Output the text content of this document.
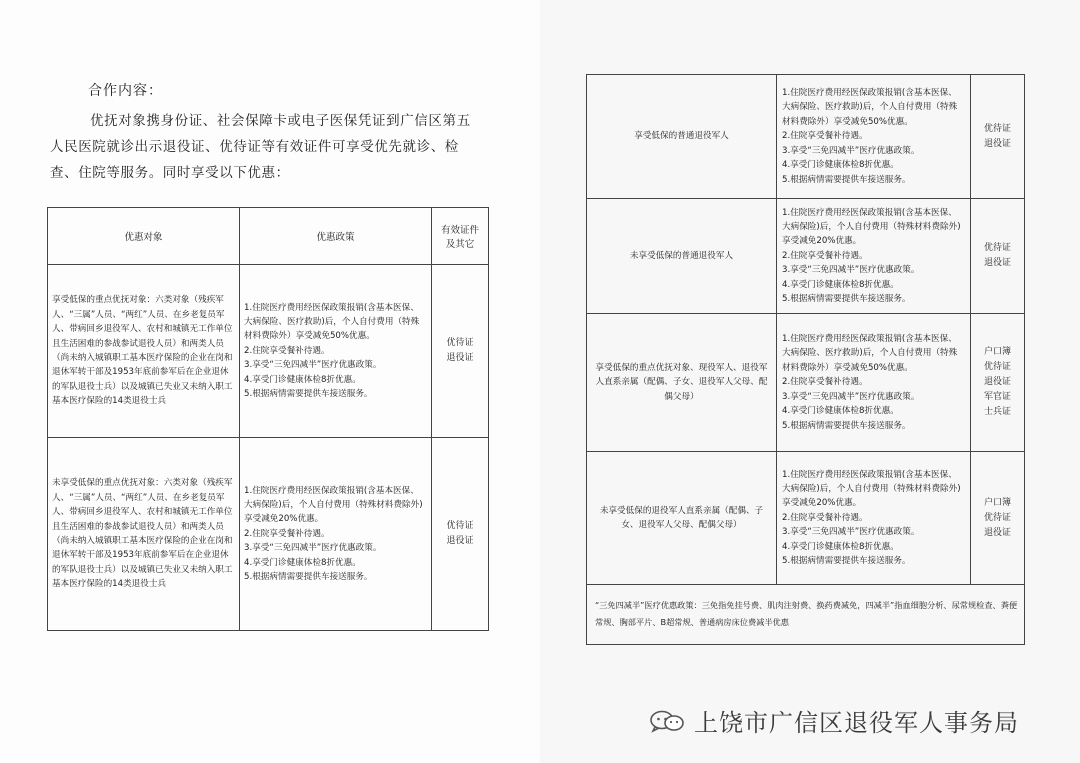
合作内容：
优抚对象携身份证、社会保障卡或电子医保凭证到广信区第五人民医院就诊出示退役证、优待证等有效证件可享受优先就诊、检查、住院等服务。同时享受以下优惠：
优惠对象	优惠政策	有效证件
及其它
享受低保的重点优抚对象：六类对象（残疾军人、“三属”人员、“两红”人员、在乡老复员军人、带病回乡退役军人、农村和城镇无工作单位且生活困难的参战参试退役人员）和两类人员（尚未纳入城镇职工基本医疗保险的企业在岗和退休军转干部及1953年底前参军后在企业退休的军队退役士兵）以及城镇已失业又未纳入职工基本医疗保险的14类退役士兵	1.住院医疗费用经医保政策报销(含基本医保、大病保险、医疗救助)后，个人自付费用（特殊材料费除外）享受减免50%优惠。
2.住院享受餐补待遇。
3.享受“三免四减半”医疗优惠政策。
4.享受门诊健康体检8折优惠。
5.根据病情需要提供车接送服务。	优待证
退役证
未享受低保的重点优抚对象：六类对象（残疾军人、“三属”人员、“两红”人员、在乡老复员军人、带病回乡退役军人、农村和城镇无工作单位且生活困难的参战参试退役人员）和两类人员（尚未纳入城镇职工基本医疗保险的企业在岗和退休军转干部及1953年底前参军后在企业退休的军队退役士兵）以及城镇已失业又未纳入职工基本医疗保险的14类退役士兵	1.住院医疗费用经医保政策报销(含基本医保、大病保险)后，个人自付费用（特殊材料费除外)享受减免20%优惠。
2.住院享受餐补待遇。
3.享受“三免四减半”医疗优惠政策。
4.享受门诊健康体检8折优惠。
5.根据病情需要提供车接送服务。	优待证
退役证
享受低保的普通退役军人	1.住院医疗费用经医保政策报销(含基本医保、大病保险、医疗救助)后，个人自付费用（特殊材料费除外）享受减免50%优惠。
2.住院享受餐补待遇。
3.享受“三免四减半”医疗优惠政策。
4.享受门诊健康体检8折优惠。
5.根据病情需要提供车接送服务。	优待证
退役证
未享受低保的普通退役军人	1.住院医疗费用经医保政策报销(含基本医保、大病保险)后，个人自付费用（特殊材料费除外)享受减免20%优惠。
2.住院享受餐补待遇。
3.享受“三免四减半”医疗优惠政策。
4.享受门诊健康体检8折优惠。
5.根据病情需要提供车接送服务。	优待证
退役证
享受低保的重点优抚对象、现役军人、退役军人直系亲属（配偶、子女、退役军人父母、配偶父母）	1.住院医疗费用经医保政策报销(含基本医保、大病保险、医疗救助)后，个人自付费用（特殊材料费除外）享受减免50%优惠。
2.住院享受餐补待遇。
3.享受“三免四减半”医疗优惠政策。
4.享受门诊健康体检8折优惠。
5.根据病情需要提供车接送服务。	户口簿
优待证
退役证
军官证
士兵证
未享受低保的退役军人直系亲属（配偶、子女、退役军人父母、配偶父母）	1.住院医疗费用经医保政策报销(含基本医保、大病保险)后，个人自付费用（特殊材料费除外)享受减免20%优惠。
2.住院享受餐补待遇。
3.享受“三免四减半”医疗优惠政策。
4.享受门诊健康体检8折优惠。
5.根据病情需要提供车接送服务。	户口簿
优待证
退役证
“三免四减半”医疗优惠政策：三免指免挂号费、肌肉注射费、换药费减免，四减半”指血细胞分析、尿常规检查、粪便常规、胸部平片、B超常规、普通病房床位费减半优惠		
上饶市广信区退役军人事务局
